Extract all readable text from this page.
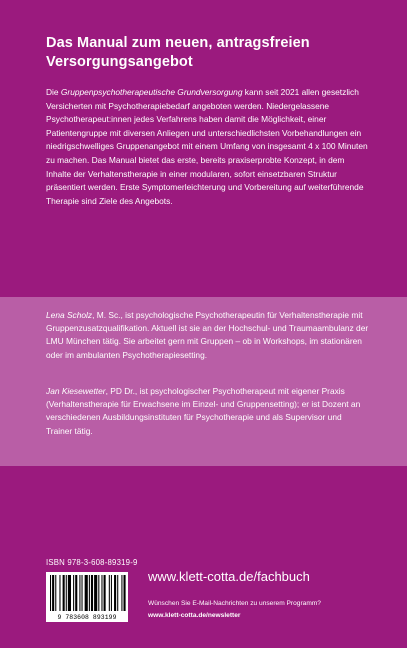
Das Manual zum neuen, antragsfreien
Versorgungsangebot

Die Gruppenpsychotherapeutische Grundversorgung kann seit 2021 allen gesetzlich Versicherten mit Psychotherapiebedarf angeboten werden. Niedergelassene Psychotherapeut:innen jedes Verfahrens haben damit die Möglichkeit, einer Patientengruppe mit diversen Anliegen und unterschiedlichsten Vorbehandlungen ein niedrigschwelliges Gruppenangebot mit einem Umfang von insgesamt 4 x 100 Minuten zu machen. Das Manual bietet das erste, bereits praxiserprobte Konzept, in dem Inhalte der Verhaltenstherapie in einer modularen, sofort einsetzbaren Struktur präsentiert werden. Erste Symptomerleichterung und Vorbereitung auf weiterführende Therapie sind Ziele des Angebots.

Lena Scholz, M. Sc., ist psychologische Psychotherapeutin für Verhaltenstherapie mit Gruppenzusatzqualifikation. Aktuell ist sie an der Hochschul- und Traumaambulanz der LMU München tätig. Sie arbeitet gern mit Gruppen – ob in Workshops, im stationären oder im ambulanten Psychotherapiesetting.

Jan Kiesewetter, PD Dr., ist psychologischer Psychotherapeut mit eigener Praxis (Verhaltenstherapie für Erwachsene im Einzel- und Gruppensetting); er ist Dozent an verschiedenen Ausbildungsinstituten für Psychotherapie und als Supervisor und Trainer tätig.

ISBN 978-3-608-89319-9
9 783608 893199
www.klett-cotta.de/fachbuch
Wünschen Sie E-Mail-Nachrichten zu unserem Programm?
www.klett-cotta.de/newsletter
